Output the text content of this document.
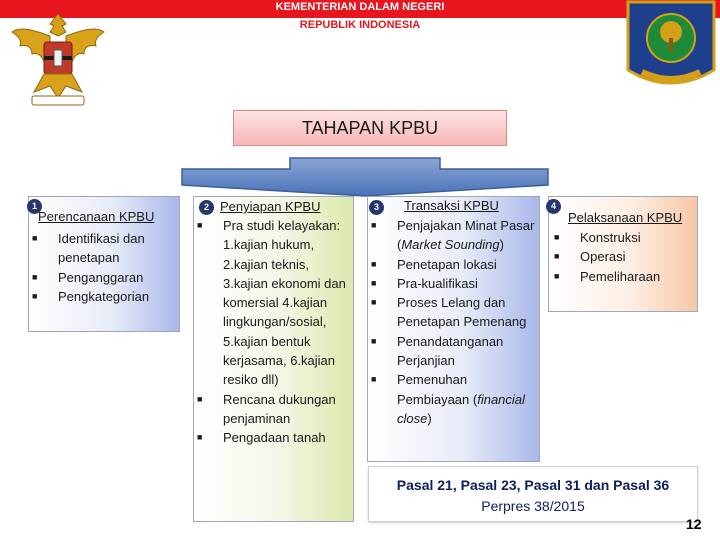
KEMENTERIAN DALAM NEGERI
REPUBLIK INDONESIA
TAHAPAN KPBU
1
Perencanaan KPBU
■ Identifikasi dan penetapan
■ Penganggaran
■ Pengkategorian
2 Penyiapan KPBU
■ Pra studi kelayakan: 1.kajian hukum, 2.kajian teknis, 3.kajian ekonomi dan komersial 4.kajian lingkungan/sosial, 5.kajian bentuk kerjasama, 6.kajian resiko dll)
■ Rencana dukungan penjaminan
■ Pengadaan tanah
3	Transaksi KPBU
■ Penjajakan Minat Pasar (Market Sounding)
■ Penetapan lokasi
■ Pra-kualifikasi
■ Proses Lelang dan Penetapan Pemenang
■ Penandatanganan Perjanjian
■ Pemenuhan Pembiayaan (financial close)
4
Pelaksanaan KPBU
■ Konstruksi
■ Operasi
■ Pemeliharaan
Pasal 21, Pasal 23, Pasal 31 dan Pasal 36
Perpres 38/2015
12
